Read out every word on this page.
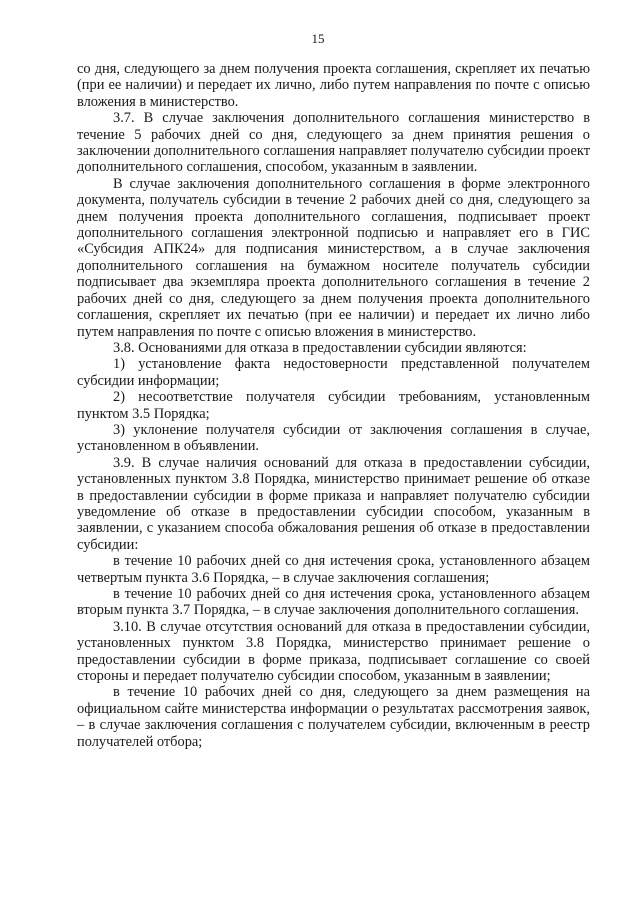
15

со дня, следующего за днем получения проекта соглашения, скрепляет их печатью (при ее наличии) и передает их лично, либо путем направления по почте с описью вложения в министерство.

3.7. В случае заключения дополнительного соглашения министерство в течение 5 рабочих дней со дня, следующего за днем принятия решения о заключении дополнительного соглашения направляет получателю субсидии проект дополнительного соглашения, способом, указанным в заявлении.

В случае заключения дополнительного соглашения в форме электронного документа, получатель субсидии в течение 2 рабочих дней со дня, следующего за днем получения проекта дополнительного соглашения, подписывает проект дополнительного соглашения электронной подписью и направляет его в ГИС «Субсидия АПК24» для подписания министерством, а в случае заключения дополнительного соглашения на бумажном носителе получатель субсидии подписывает два экземпляра проекта дополнительного соглашения в течение 2 рабочих дней со дня, следующего за днем получения проекта дополнительного соглашения, скрепляет их печатью (при ее наличии) и передает их лично либо путем направления по почте с описью вложения в министерство.

3.8. Основаниями для отказа в предоставлении субсидии являются:

1) установление факта недостоверности представленной получателем субсидии информации;

2) несоответствие получателя субсидии требованиям, установленным пунктом 3.5 Порядка;

3) уклонение получателя субсидии от заключения соглашения в случае, установленном в объявлении.

3.9. В случае наличия оснований для отказа в предоставлении субсидии, установленных пунктом 3.8 Порядка, министерство принимает решение об отказе в предоставлении субсидии в форме приказа и направляет получателю субсидии уведомление об отказе в предоставлении субсидии способом, указанным в заявлении, с указанием способа обжалования решения об отказе в предоставлении субсидии:

в течение 10 рабочих дней со дня истечения срока, установленного абзацем четвертым пункта 3.6 Порядка, – в случае заключения соглашения;

в течение 10 рабочих дней со дня истечения срока, установленного абзацем вторым пункта 3.7 Порядка, – в случае заключения дополнительного соглашения.

3.10. В случае отсутствия оснований для отказа в предоставлении субсидии, установленных пунктом 3.8 Порядка, министерство принимает решение о предоставлении субсидии в форме приказа, подписывает соглашение со своей стороны и передает получателю субсидии способом, указанным в заявлении;

в течение 10 рабочих дней со дня, следующего за днем размещения на официальном сайте министерства информации о результатах рассмотрения заявок, – в случае заключения соглашения с получателем субсидии, включенным в реестр получателей отбора;
